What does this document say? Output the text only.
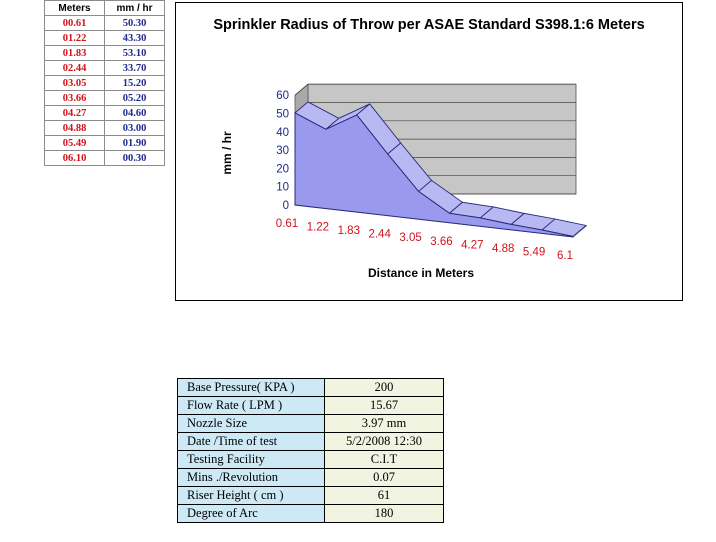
Meters	mm / hr
00.61	50.30
01.22	43.30
01.83	53.10
02.44	33.70
03.05	15.20
03.66	05.20
04.27	04.60
04.88	03.00
05.49	01.90
06.10	00.30
Sprinkler Radius of Throw per ASAE Standard S398.1:6 Meters
0
10
20
30
40
50
60
0.61 1.22 1.83 2.44 3.05 3.66 4.27 4.88 5.49 6.1
Distance in Meters
mm / hr
Base Pressure( KPA )	200
Flow Rate ( LPM )	15.67
Nozzle Size	3.97 mm
Date /Time of test	5/2/2008 12:30
Testing Facility	C.I.T
Mins ./Revolution	0.07
Riser Height ( cm )	61
Degree of Arc	180
